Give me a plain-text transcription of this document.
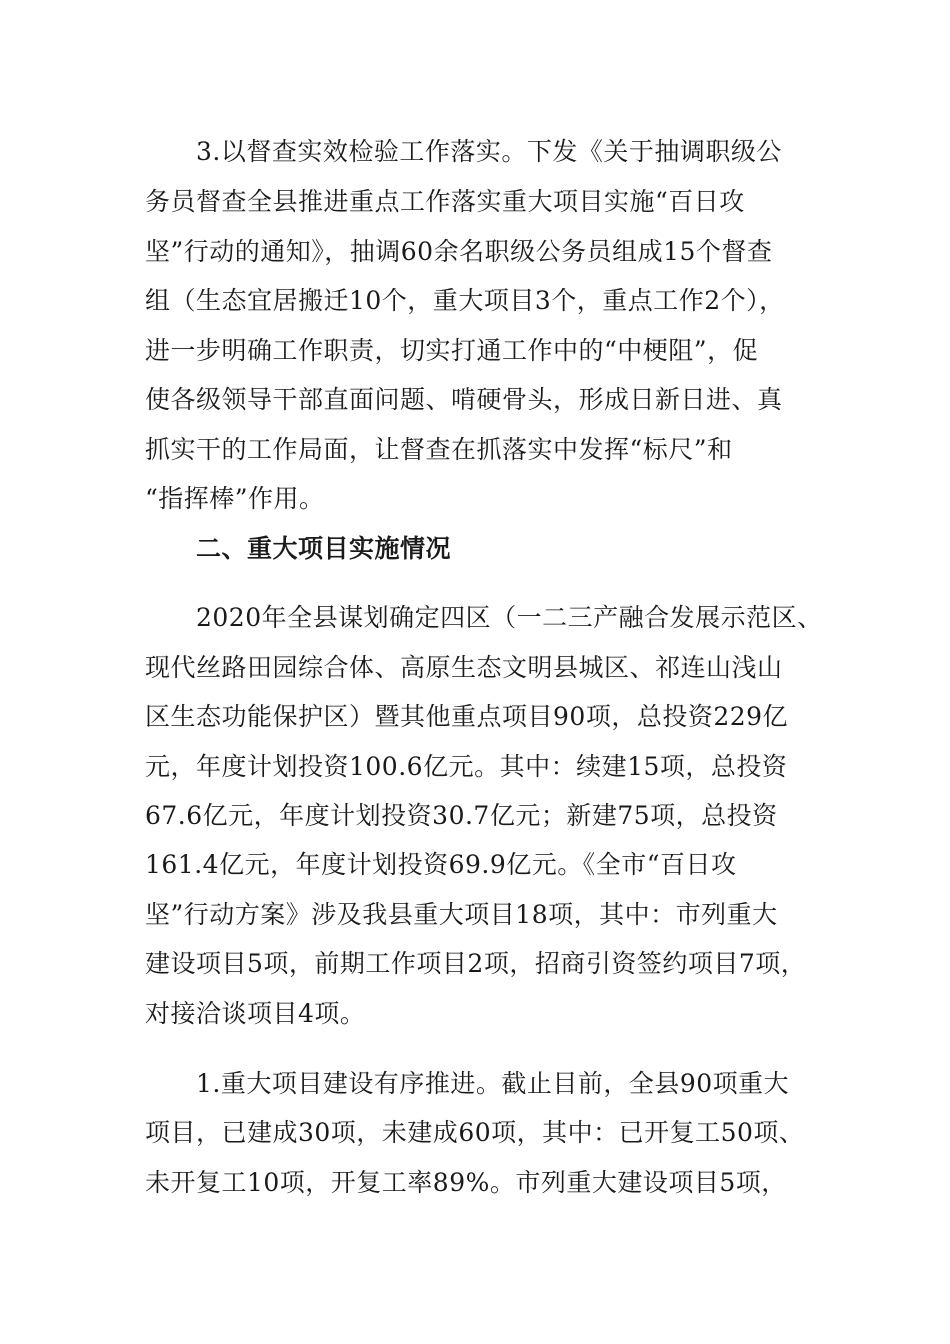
3.以督查实效检验工作落实。下发《关于抽调职级公
务员督查全县推进重点工作落实重大项目实施“百日攻
坚”行动的通知》，抽调60余名职级公务员组成15个督查
组（生态宜居搬迁10个，重大项目3个，重点工作2个），
进一步明确工作职责，切实打通工作中的“中梗阻”，促
使各级领导干部直面问题、啃硬骨头，形成日新日进、真
抓实干的工作局面，让督查在抓落实中发挥“标尺”和
“指挥棒”作用。
二、重大项目实施情况
2020年全县谋划确定四区（一二三产融合发展示范区、
现代丝路田园综合体、高原生态文明县城区、祁连山浅山
区生态功能保护区）暨其他重点项目90项，总投资229亿
元，年度计划投资100.6亿元。其中：续建15项，总投资
67.6亿元，年度计划投资30.7亿元；新建75项，总投资
161.4亿元，年度计划投资69.9亿元。《全市“百日攻
坚”行动方案》涉及我县重大项目18项，其中：市列重大
建设项目5项，前期工作项目2项，招商引资签约项目7项，
对接洽谈项目4项。
1.重大项目建设有序推进。截止目前，全县90项重大
项目，已建成30项，未建成60项，其中：已开复工50项、
未开复工10项，开复工率89%。市列重大建设项目5项，
